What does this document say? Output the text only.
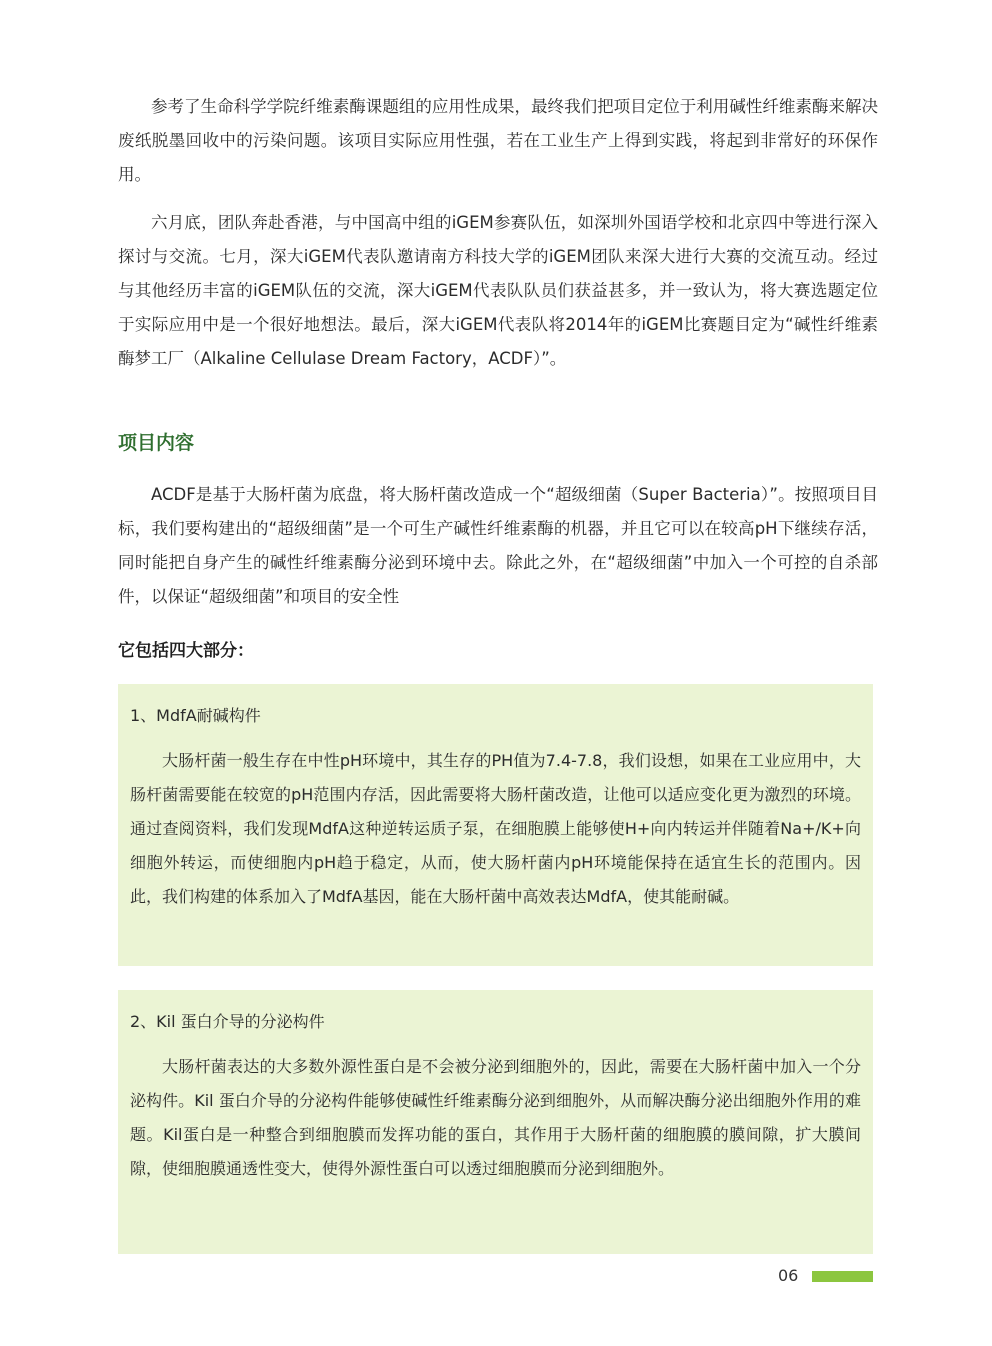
参考了生命科学学院纤维素酶课题组的应用性成果，最终我们把项目定位于利用碱性纤维素酶来解决废纸脱墨回收中的污染问题。该项目实际应用性强，若在工业生产上得到实践，将起到非常好的环保作用。

六月底，团队奔赴香港，与中国高中组的iGEM参赛队伍，如深圳外国语学校和北京四中等进行深入探讨与交流。七月，深大iGEM代表队邀请南方科技大学的iGEM团队来深大进行大赛的交流互动。经过与其他经历丰富的iGEM队伍的交流，深大iGEM代表队队员们获益甚多，并一致认为，将大赛选题定位于实际应用中是一个很好地想法。最后，深大iGEM代表队将2014年的iGEM比赛题目定为“碱性纤维素酶梦工厂（Alkaline Cellulase Dream Factory，ACDF）”。

项目内容

ACDF是基于大肠杆菌为底盘，将大肠杆菌改造成一个“超级细菌（Super Bacteria）”。按照项目目标，我们要构建出的“超级细菌”是一个可生产碱性纤维素酶的机器，并且它可以在较高pH下继续存活，同时能把自身产生的碱性纤维素酶分泌到环境中去。除此之外，在“超级细菌”中加入一个可控的自杀部件，以保证“超级细菌”和项目的安全性

它包括四大部分：

1、MdfA耐碱构件

大肠杆菌一般生存在中性pH环境中，其生存的PH值为7.4-7.8，我们设想，如果在工业应用中，大肠杆菌需要能在较宽的pH范围内存活，因此需要将大肠杆菌改造，让他可以适应变化更为激烈的环境。通过查阅资料，我们发现MdfA这种逆转运质子泵，在细胞膜上能够使H+向内转运并伴随着Na+/K+向细胞外转运，而使细胞内pH趋于稳定，从而，使大肠杆菌内pH环境能保持在适宜生长的范围内。因此，我们构建的体系加入了MdfA基因，能在大肠杆菌中高效表达MdfA，使其能耐碱。

2、Kil 蛋白介导的分泌构件

大肠杆菌表达的大多数外源性蛋白是不会被分泌到细胞外的，因此，需要在大肠杆菌中加入一个分泌构件。Kil 蛋白介导的分泌构件能够使碱性纤维素酶分泌到细胞外，从而解决酶分泌出细胞外作用的难题。Kil蛋白是一种整合到细胞膜而发挥功能的蛋白，其作用于大肠杆菌的细胞膜的膜间隙，扩大膜间隙，使细胞膜通透性变大，使得外源性蛋白可以透过细胞膜而分泌到细胞外。

06
